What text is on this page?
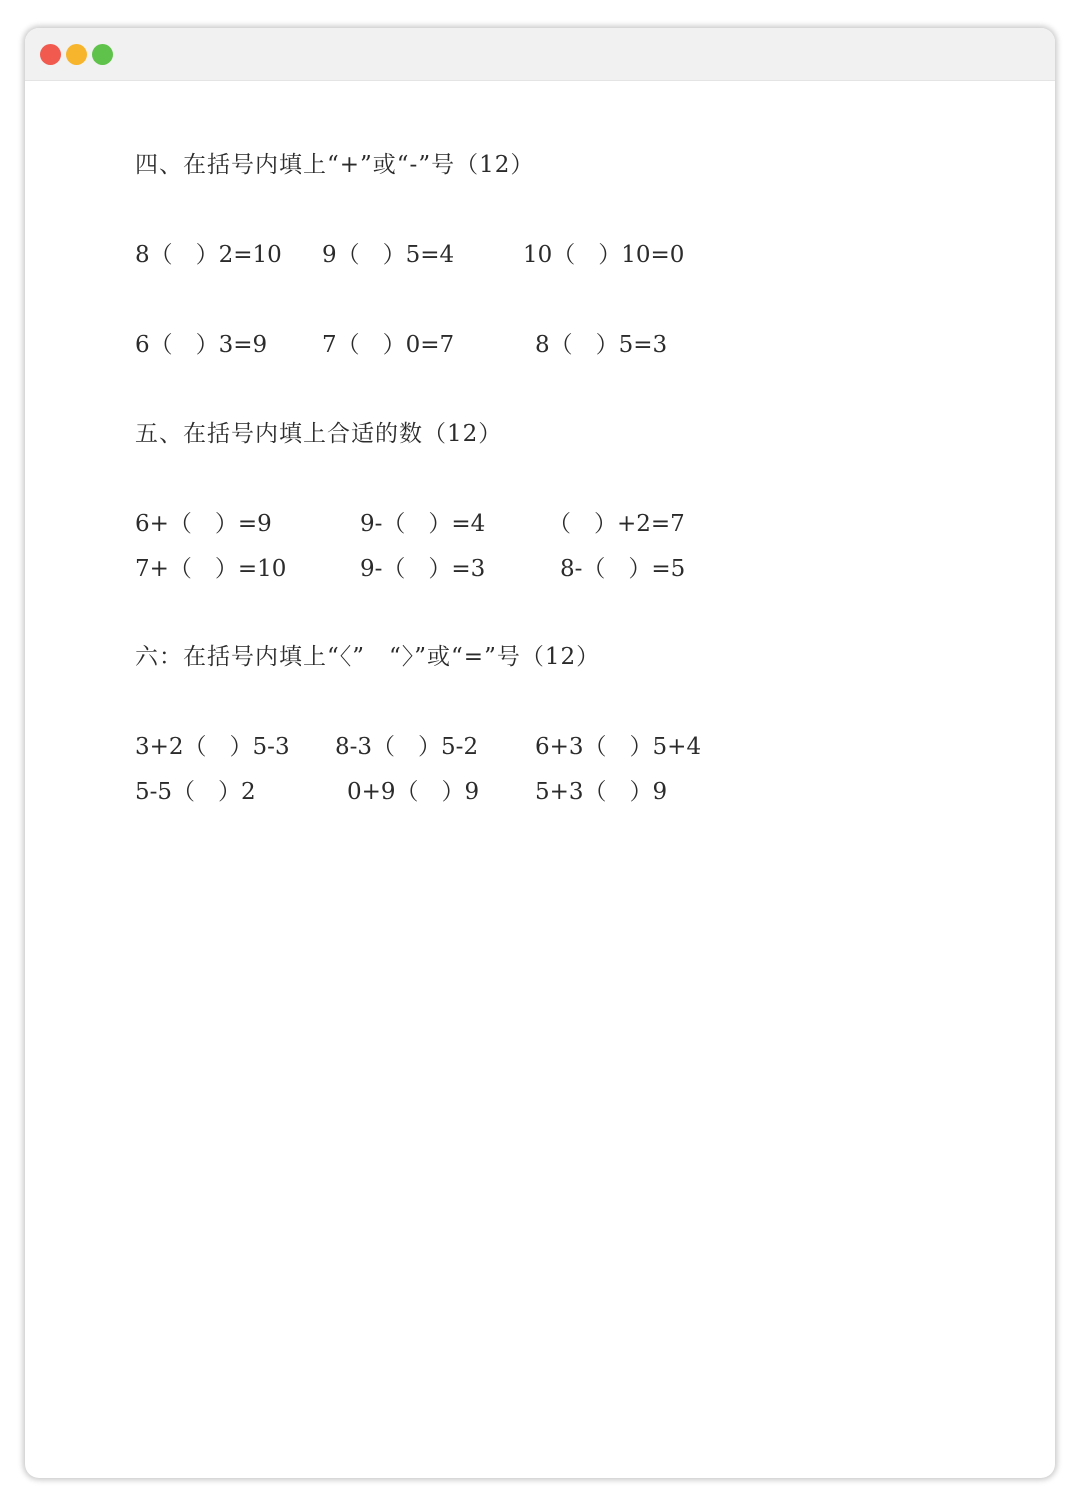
四、在括号内填上“+”或“-”号（12）
8（　）2=10 9（　）5=4	10（　）10=0
6（　）3=9 7（　）0=7	8（　）5=3
五、在括号内填上合适的数（12）
6+（　）=9	9-（　）=4	（　）+2=7
7+（　）=10	9-（　）=3	8-（　）=5
六：在括号内填上“〈”　“〉”或“=”号（12）
3+2（　）5-3 8-3（　）5-2 6+3（　）5+4
5-5（　）2	0+9（　）9 5+3（　）9
